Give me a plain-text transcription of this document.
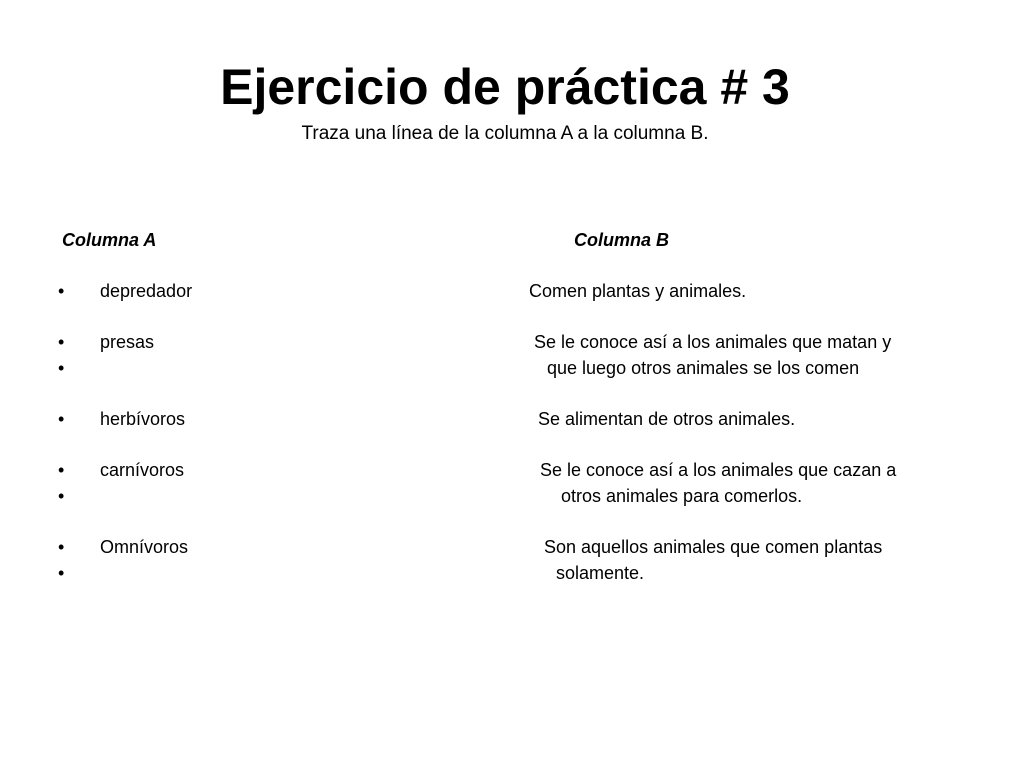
Ejercicio de práctica # 3
Traza una línea de la columna A a la columna B.
Columna A	Columna B
•
•
•
•
•
•
•
•
depredador
presas
herbívoros
carnívoros
Omnívoros
Comen plantas y animales.
Se le conoce así a los animales que matan y
que luego otros animales se los comen
Se alimentan de otros animales.
Se le conoce así a los animales que cazan a
otros animales para comerlos.
Son aquellos animales que comen plantas
solamente.
